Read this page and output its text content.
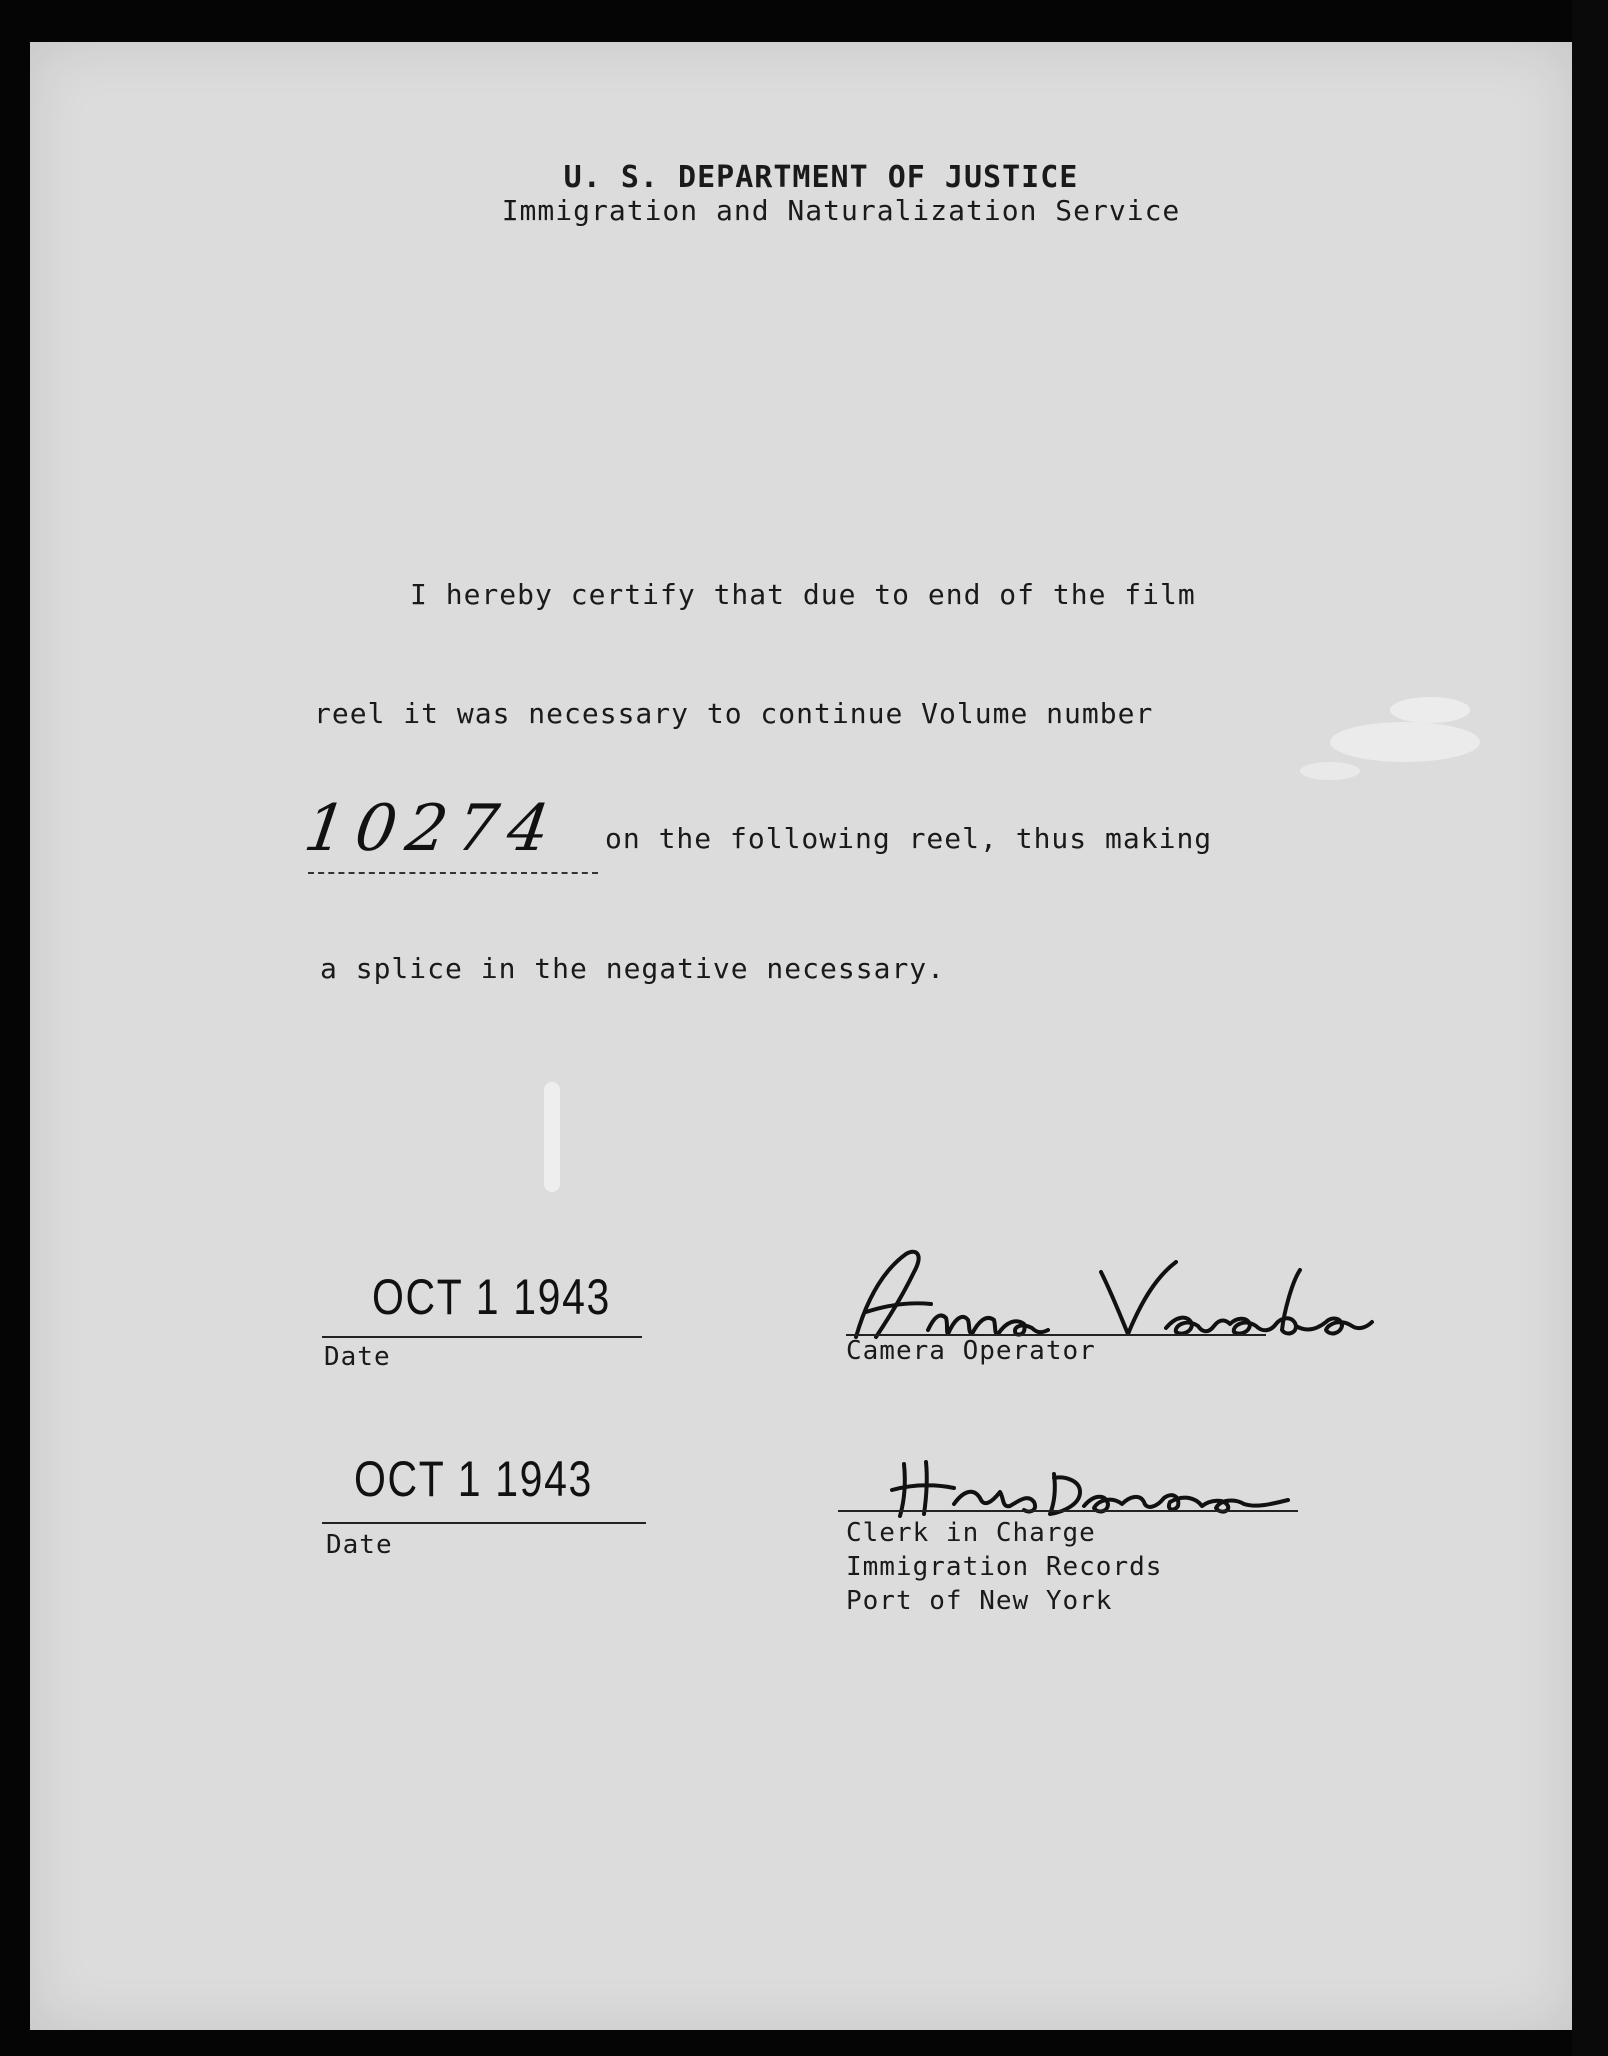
U. S. DEPARTMENT OF JUSTICE
Immigration and Naturalization Service
I hereby certify that due to end of the film
reel it was necessary to continue Volume number
10274 on the following reel, thus making
a splice in the negative necessary.
OCT 1 1943
Date	Camera Operator
OCT 1 1943
Date	Clerk in Charge
Immigration Records
Port of New York
